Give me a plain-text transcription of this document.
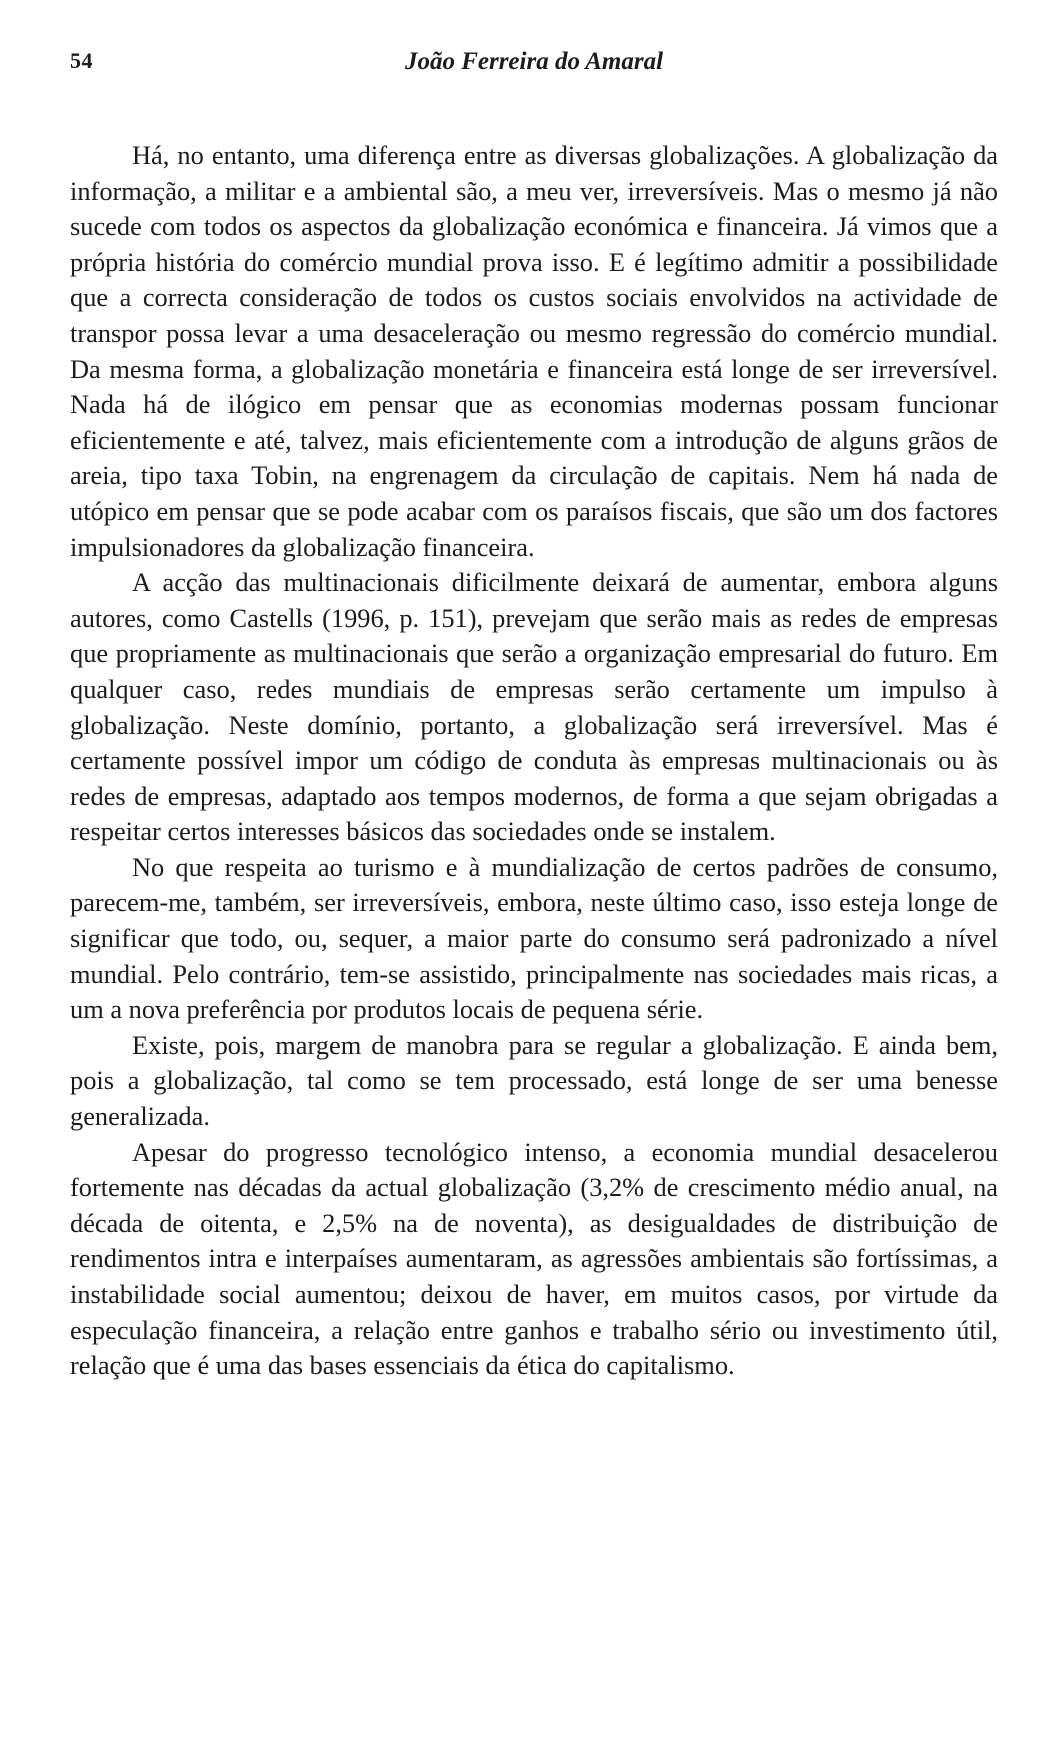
54	João Ferreira do Amaral

Há, no entanto, uma diferença entre as diversas globalizações. A globalização da informação, a militar e a ambiental são, a meu ver, irreversíveis. Mas o mesmo já não sucede com todos os aspectos da globalização económica e financeira. Já vimos que a própria história do comércio mundial prova isso. E é legítimo admitir a possibilidade que a correcta consideração de todos os custos sociais envolvidos na actividade de transpor possa levar a uma desaceleração ou mesmo regressão do comércio mundial. Da mesma forma, a globalização monetária e financeira está longe de ser irreversível. Nada há de ilógico em pensar que as economias modernas possam funcionar eficientemente e até, talvez, mais eficientemente com a introdução de alguns grãos de areia, tipo taxa Tobin, na engrenagem da circulação de capitais. Nem há nada de utópico em pensar que se pode acabar com os paraísos fiscais, que são um dos factores impulsionadores da globalização financeira.

A acção das multinacionais dificilmente deixará de aumentar, embora alguns autores, como Castells (1996, p. 151), prevejam que serão mais as redes de empresas que propriamente as multinacionais que serão a organização empresarial do futuro. Em qualquer caso, redes mundiais de empresas serão certamente um impulso à globalização. Neste domínio, portanto, a globalização será irreversível. Mas é certamente possível impor um código de conduta às empresas multinacionais ou às redes de empresas, adaptado aos tempos modernos, de forma a que sejam obrigadas a respeitar certos interesses básicos das sociedades onde se instalem.

No que respeita ao turismo e à mundialização de certos padrões de consumo, parecem-me, também, ser irreversíveis, embora, neste último caso, isso esteja longe de significar que todo, ou, sequer, a maior parte do consumo será padronizado a nível mundial. Pelo contrário, tem-se assistido, principalmente nas sociedades mais ricas, a um a nova preferência por produtos locais de pequena série.

Existe, pois, margem de manobra para se regular a globalização. E ainda bem, pois a globalização, tal como se tem processado, está longe de ser uma benesse generalizada.

Apesar do progresso tecnológico intenso, a economia mundial desacelerou fortemente nas décadas da actual globalização (3,2% de crescimento médio anual, na década de oitenta, e 2,5% na de noventa), as desigualdades de distribuição de rendimentos intra e interpaíses aumentaram, as agressões ambientais são fortíssimas, a instabilidade social aumentou; deixou de haver, em muitos casos, por virtude da especulação financeira, a relação entre ganhos e trabalho sério ou investimento útil, relação que é uma das bases essenciais da ética do capitalismo.
